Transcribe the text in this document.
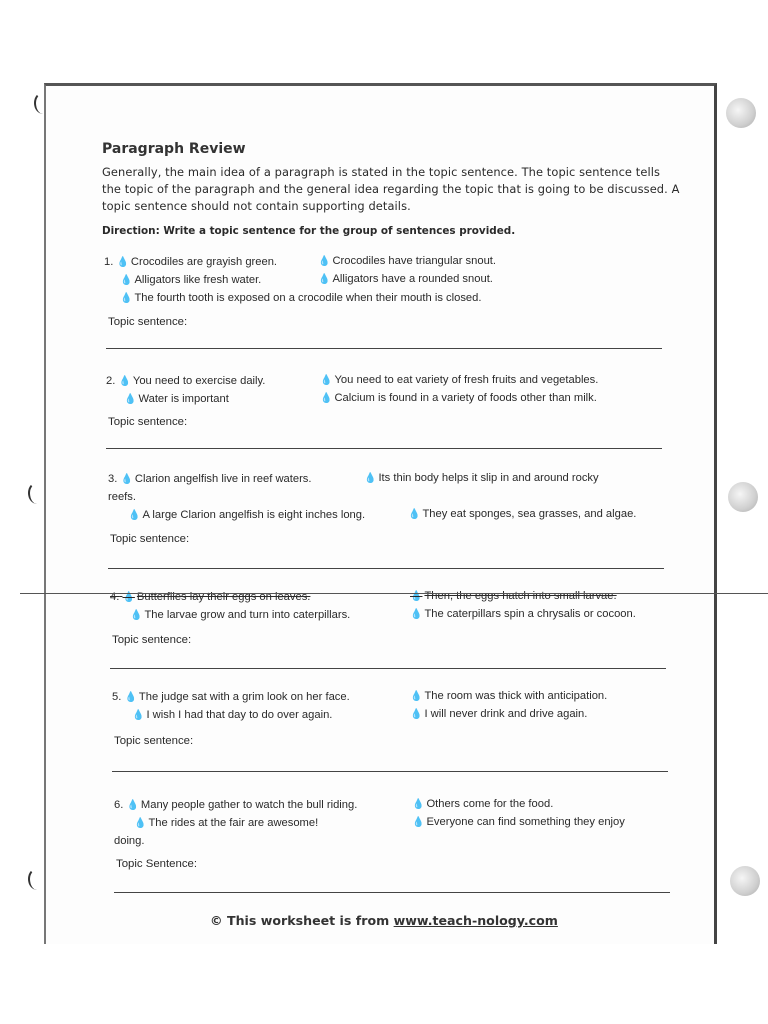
Paragraph Review
Generally, the main idea of a paragraph is stated in the topic sentence. The topic sentence tells the topic of the paragraph and the general idea regarding the topic that is going to be discussed. A topic sentence should not contain supporting details.
Direction: Write a topic sentence for the group of sentences provided.
1. 💧 Crocodiles are grayish green.	💧 Crocodiles have triangular snout.
💧 Alligators like fresh water.	💧 Alligators have a rounded snout.
💧 The fourth tooth is exposed on a crocodile when their mouth is closed.
Topic sentence:
2. 💧 You need to exercise daily.	💧 You need to eat variety of fresh fruits and vegetables.
💧 Water is important	💧 Calcium is found in a variety of foods other than milk.
Topic sentence:
3. 💧 Clarion angelfish live in reef waters.	💧 Its thin body helps it slip in and around rocky
reefs.
💧 A large Clarion angelfish is eight inches long.	💧 They eat sponges, sea grasses, and algae.
Topic sentence:
4. 💧 Butterflies lay their eggs on leaves.	💧 Then, the eggs hatch into small larvae.
💧 The larvae grow and turn into caterpillars.	💧 The caterpillars spin a chrysalis or cocoon.
Topic sentence:
5. 💧 The judge sat with a grim look on her face.	💧 The room was thick with anticipation.
💧 I wish I had that day to do over again.	💧 I will never drink and drive again.
Topic sentence:
6. 💧 Many people gather to watch the bull riding.	💧 Others come for the food.
💧 The rides at the fair are awesome!	💧 Everyone can find something they enjoy
doing.
Topic Sentence:
© This worksheet is from www.teach-nology.com
